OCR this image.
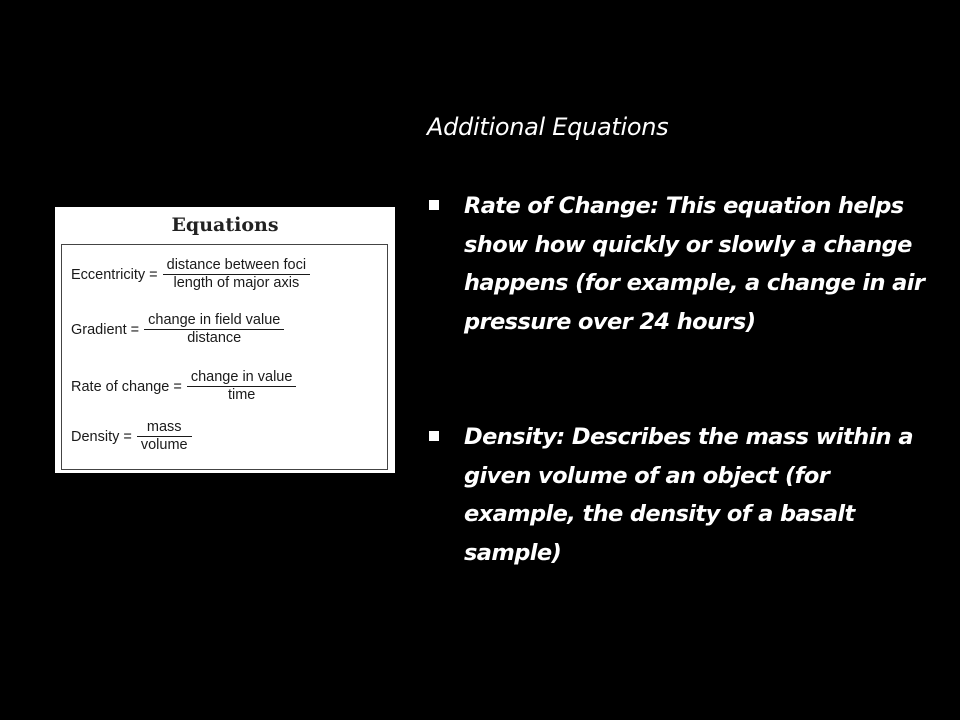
Equations
Eccentricity = $\frac{\text{distance between foci}}{\text{length of major axis}}$
Gradient = $\frac{\text{change in field value}}{\text{distance}}$
Rate of change = $\frac{\text{change in value}}{\text{time}}$
Density = $\frac{\text{mass}}{\text{volume}}$
Additional Equations
Rate of Change: This equation helps show how quickly or slowly a change happens (for example, a change in air pressure over 24 hours)
Density: Describes the mass within a given volume of an object (for example, the density of a basalt sample)
